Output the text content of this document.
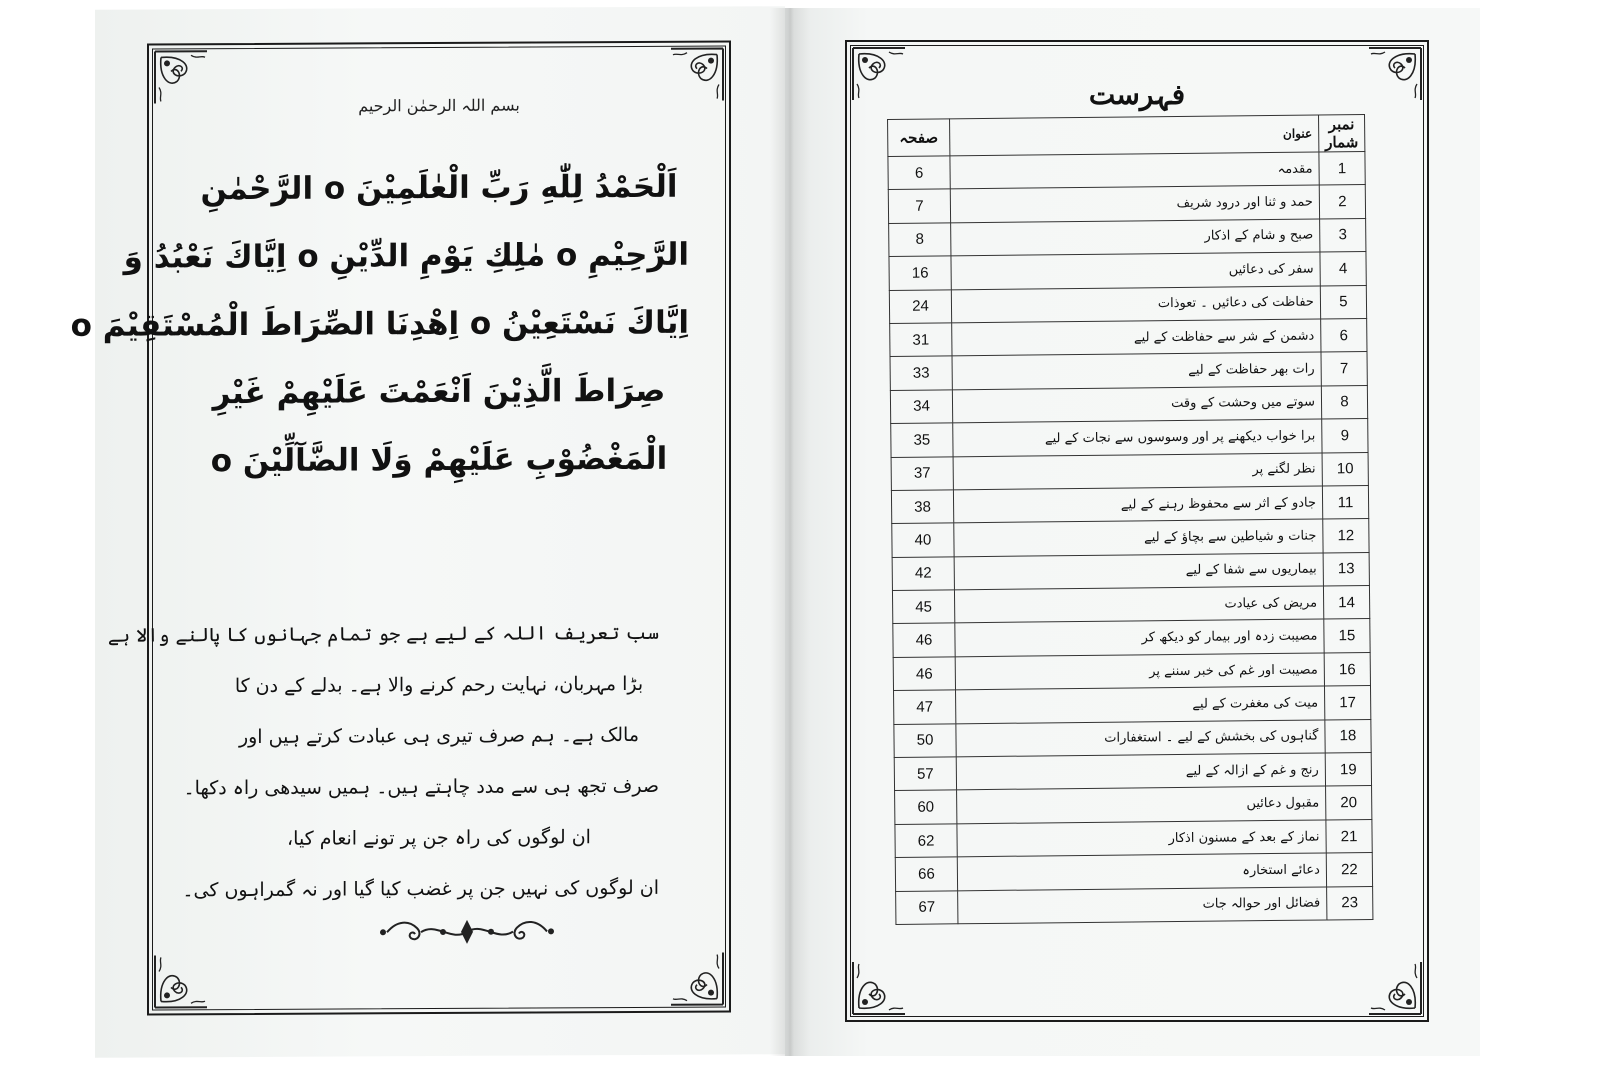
بسم اللہ الرحمٰن الرحیم
اَلْحَمْدُ لِلّٰهِ رَبِّ الْعٰلَمِيْنَ o الرَّحْمٰنِ
الرَّحِيْمِ o مٰلِكِ يَوْمِ الدِّيْنِ o اِيَّاكَ نَعْبُدُ وَ
اِيَّاكَ نَسْتَعِيْنُ o اِهْدِنَا الصِّرَاطَ الْمُسْتَقِيْمَ o
صِرَاطَ الَّذِيْنَ اَنْعَمْتَ عَلَيْهِمْ غَيْرِ
الْمَغْضُوْبِ عَلَيْهِمْ وَلَا الضَّآلِّيْنَ o
سب تعریف اللہ کے لیے ہے جو تمام جہانوں کا پالنے والا ہے
بڑا مہربان، نہایت رحم کرنے والا ہے۔ بدلے کے دن کا
مالک ہے۔ ہم صرف تیری ہی عبادت کرتے ہیں اور
صرف تجھ ہی سے مدد چاہتے ہیں۔ ہمیں سیدھی راہ دکھا۔
ان لوگوں کی راہ جن پر تونے انعام کیا،
ان لوگوں کی نہیں جن پر غضب کیا گیا اور نہ گمراہوں کی۔
فہرست
نمبر شمار	عنوان	صفحہ
1	مقدمہ	6
2	حمد و ثنا اور درود شریف	7
3	صبح و شام کے اذکار	8
4	سفر کی دعائیں	16
5	حفاظت کی دعائیں ۔ تعوذات	24
6	دشمن کے شر سے حفاظت کے لیے	31
7	رات بھر حفاظت کے لیے	33
8	سوتے میں وحشت کے وقت	34
9	برا خواب دیکھنے پر اور وسوسوں سے نجات کے لیے	35
10	نظر لگنے پر	37
11	جادو کے اثر سے محفوظ رہنے کے لیے	38
12	جنات و شیاطین سے بچاؤ کے لیے	40
13	بیماریوں سے شفا کے لیے	42
14	مریض کی عیادت	45
15	مصیبت زدہ اور بیمار کو دیکھ کر	46
16	مصیبت اور غم کی خبر سننے پر	46
17	میت کی مغفرت کے لیے	47
18	گناہوں کی بخشش کے لیے ۔ استغفارات	50
19	رنج و غم کے ازالہ کے لیے	57
20	مقبول دعائیں	60
21	نماز کے بعد کے مسنون اذکار	62
22	دعائے استخارہ	66
23	فضائل اور حوالہ جات	67
